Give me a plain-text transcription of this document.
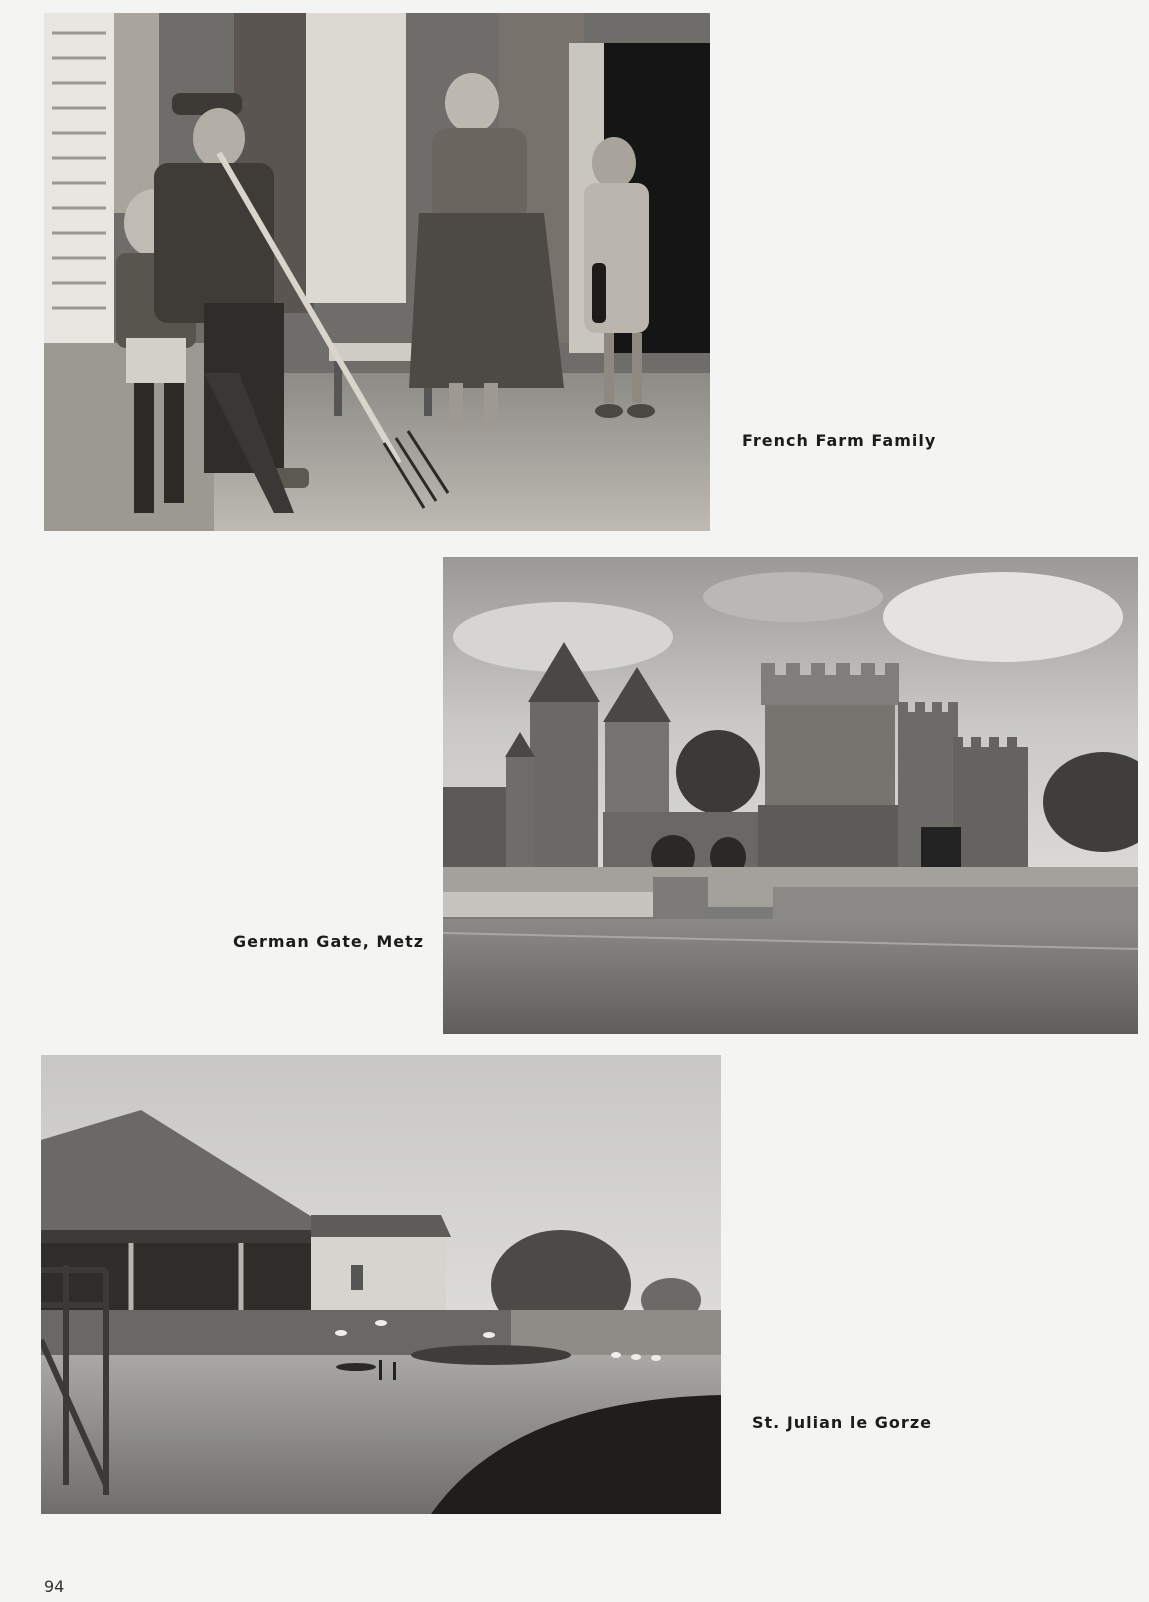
French Farm Family
German Gate, Metz
St. Julian le Gorze
94
